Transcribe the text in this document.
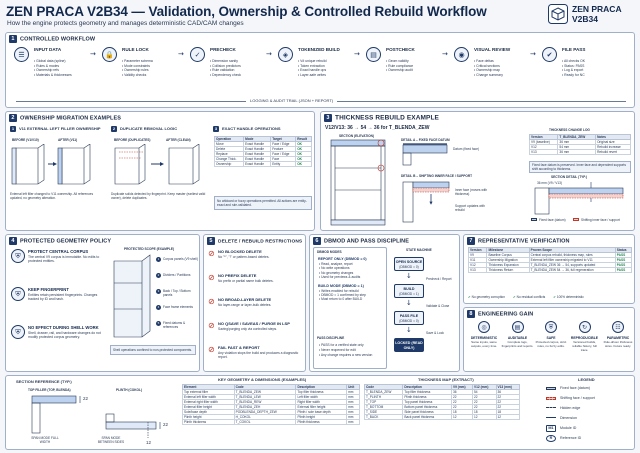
ZEN PRACA V2B34 — Validation, Ownership & Controlled Rebuild Workflow
How the engine protects geometry and manages deterministic CAD/CAM changes
ZEN PRACA
V2B34
1 CONTROLLED WORKFLOW
☰
INPUT DATA
• Global data (spline)
• Rules & modes
• Ownership refs
• Materials & thicknesses
→	🔒
RULE LOCK
• Parameter schema
• Mode constraints
• Ownership rules
• Validity checks
→	✓
PRECHECK
• Dimension sanity
• Collision predictors
• Rule validation
• Dependency check
→	◈
TOKENIZED BUILD
• V# unique rebuild
• Token extraction
• Exact handle ops
• Layer-safe writes
→	▤
POSTCHECK
• Geom validity
• Rule compliance
• Ownership audit
→	◉
VISUAL REVIEW
• Face deltas
• Critical sections
• Ownership map
• Change summary
→	✔
FILE PASS
• All checks OK
• Status: PASS
• Log & export
• Ready for NC
LOGGING & AUDIT TRAIL (JSON + REPORT)
2 OWNERSHIP MIGRATION EXAMPLES
1 V11 EXTERNAL LEFT FILLER OWNERSHIP
BEFORE (V1/V10)	AFTER (V11)
External left filler changed to V11 ownership. All references updated, no geometry alteration.
2 DUPLICATE REMOVAL LOGIC
BEFORE (DUPLICATES)	AFTER (CLEAN)
Duplicate solids detected by fingerprint. Keep master (earliest valid owner), delete duplicates.
3 EXACT HANDLE OPERATIONS
Operation	Mode	Target	Result
Move	Exact Handle	Face / Edge	OK
Delete	Exact Handle	Feature	OK
Replace	Exact Handle	Face / Edge	OK
Change Thick.	Exact Handle	Face	OK
Ownership	Exact Handle	Entity	OK
No wildcard or fuzzy operations permitted. All actions are entity-exact and rule-validated.
3 THICKNESS REBUILD EXAMPLE
V12/V13: 36 → 54 → 36 for T_BLENDA_ZEW
SECTION (ELEVATION)
DETAIL A – FIXED FACE DATUM
Datum (fixed face)
DETAIL B – SHIFTING INNER FACE / SUPPORT
Inner face (moves with thickness)
Support updates with rebuild
THICKNESS CHANGE LOG
Version	T_BLENDA_ZEW	Notes
V9 (baseline)	36 mm	Original size
V12	54 mm	Rebuild increase
V13	36 mm	Rebuild revert
Fixed face datum is preserved. Inner face and dependent supports shift according to thickness.
SECTION DETAIL (TYP.)
36 mm (V9 / V13)
Fixed face (datum)	Shifting inner face / support
4 PROTECTED GEOMETRY POLICY
⛨
PROTECT CENTRAL CORPUS
The central V9 corpus is immutable. No edits to protected entities.
⛨
KEEP FINGERPRINT
Entities retain persistent fingerprints. Changes tracked by ID and hash.
⛨
NO EFFECT DURING SHELL WORK
Shell, drawer, rail, and hardware changes do not modify protected corpus geometry.
PROTECTED SCOPE (EXAMPLE)
1	Corpus panels (V9 shell)
2	Dividers / Partitions
3	Back / Top / Bottom panels
4	Face frame elements
5	Fixed datums & references
Shell operations confined to non-protected components.
5 DELETE / REBUILD RESTRICTIONS
⊘ NO BLOCKED DELETE
No "*", "!" or pattern-based deletes.
⊘ NO PREFIX DELETE
No prefix or partial name bulk deletes.
⊘ NO BROAD-LAYER DELETE
No layer-range or layer-bulk deletes.
⊘ NO QSAVE / SAVEAS / PURGE IN LSP
Saving/purging only via controlled steps.
⊘ FAIL FAST & REPORT
Any violation stops the build and produces a diagnostic report.
6 DBMOD AND PASS DISCIPLINE
DBMOD MODES
REPORT ONLY (DBMOD = 0)
• Read, analyze, report
• No write operations
• No geometry changes
• Used for previews & audits
BUILD MODE (DBMOD = 1)
• Writes enabled for rebuild
• DBMOD = 1 confirmed by step
• Must return to 0 after BUILD
PASS DISCIPLINE
• PASS for a verified state only
• Never reopened for edit
• Any change requires a new version
STATE MACHINE
OPEN SOURCE
(DBMOD = 0)
↓
BUILD
(DBMOD = 1)
↓
PASS FILE
(DBMOD = 0)
↓
LOCKED (READ ONLY)
Precheck / Report
Validate & Close
Save & Lock
7 REPRESENTATIVE VERIFICATION
Version	Milestone	Proven Scope	Status
V9	Baseline Corpus	Central corpus rebuild, thickness map, rules	PASS
V11	Ownership Migration	External left filler ownership migrated to V11	PASS
V12	Thickness Expansion	T_BLENDA_ZEW 36 → 54, supports updated	PASS
V13	Thickness Return	T_BLENDA_ZEW 54 → 36, full regeneration	PASS
✔No geometry corruption	✔No residual conflicts	✔100% deterministic
8 ENGINEERING GAIN
◎
DETERMINISTIC
Same inputs, same outputs, every time.
▤
AUDITABLE
Complete logs, fingerprints and reports.
⛨
SAFE
Protected corpus, strict rules, no fuzzy edits.
↻
REPRODUCIBLE
Versioned builds, reliable history, full trace.
☷
PARAMETRIC
Rule-driven thickness sizes. Future ready.
SECTION REFERENCE (TYP.)
TOP FILLER (TOP, BLENDA)	PLINTH (COKOL)
22
22
12
SPAN MODE FULL WIDTH
SPAN MODE BETWEEN SIDES
KEY GEOMETRY & DIMENSIONS (EXAMPLES)
Element	Code	Description	Unit
Top external filler	T_BLENDA_ZEW	Top filler thickness	mm
External left filler width	T_BLENDA_LEW	Left filler width	mm
External right filler width	T_BLENDA_REW	Right filler width	mm
External filler height	T_BLENDA_ZEH	External filler height	mm
Sole/base depth	PODBLENDA_DEPTH_ZEW	Plinth / sole base depth	mm
Plinth height	H_COKOL	Plinth height	mm
Plinth thickness	T_COKOL	Plinth thickness	mm
THICKNESS MAP (EXTRACT)
Code	Description	V9 (mm)	V12 (mm)	V13 (mm)
T_BLENDA_ZEW	Top filler thickness	36	54	36
T_PLINTH	Plinth thickness	22	22	22
T_TOP	Top panel thickness	22	22	22
T_BOTTOM	Bottom panel thickness	22	22	22
T_SIDE	Side panel thickness	18	18	18
T_BACK	Back panel thickness	12	12	12
LEGEND
Fixed face (datum)
Shifting face / support
Hidden edge
Dimension
M1	Module ID
R	Reference ID
